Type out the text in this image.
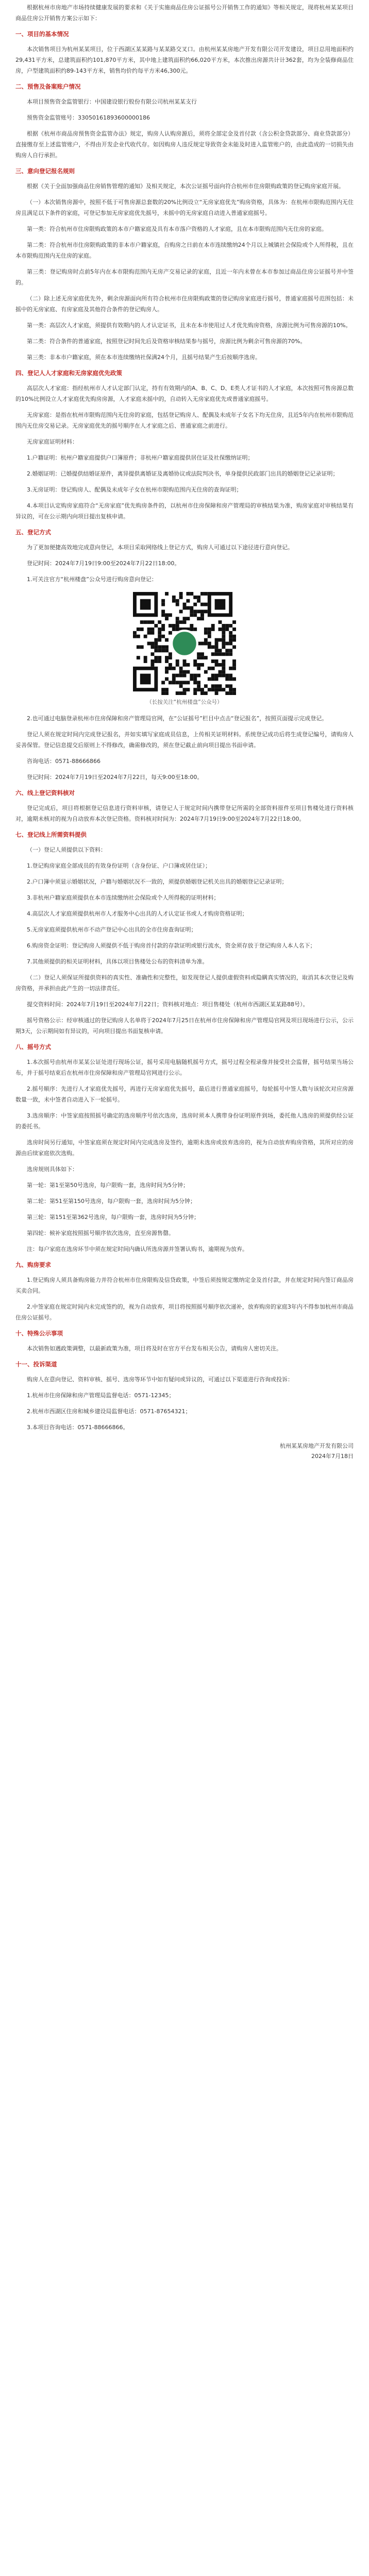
根据杭州市房地产市场持续健康发展的要求和《关于实施商品住房公证摇号公开销售工作的通知》等相关规定，现将杭州某某项目商品住房公开销售方案公示如下：

一、项目的基本情况

本次销售项目为杭州某某项目，位于西湖区某某路与某某路交叉口。由杭州某某房地产开发有限公司开发建设，项目总用地面积约29,431平方米，总建筑面积约101,870平方米，其中地上建筑面积约66,020平方米，本次推出房源共计计362套，均为全装修商品住房，户型建筑面积约89-143平方米，销售均价约每平方米46,300元。

二、预售及备案账户情况

本项目预售资金监管银行：中国建设银行股份有限公司杭州某某支行

预售资金监管账号：33050161893600000186

根据《杭州市商品房预售资金监管办法》规定，购房人认购房源后，须将全部定金及首付款（含公积金贷款部分、商业贷款部分）直接缴存至上述监管账户，不得由开发企业代收代存。如因购房人违反规定导致资金未能及时进入监管账户的，由此造成的一切损失由购房人自行承担。

三、意向登记报名规则

根据《关于全面加强商品住房销售管理的通知》及相关规定，本次公证摇号面向符合杭州市住房限购政策的登记购房家庭开展。

（一）本次销售房源中，按照不低于可售房源总套数的20%比例设立“无房家庭优先”购房资格，具体为：在杭州市限购范围内无住房且满足以下条件的家庭，可登记参加无房家庭优先摇号，未摇中的无房家庭自动进入普通家庭摇号。

第一类：符合杭州市住房限购政策的本市户籍家庭及具有本市落户资格的人才家庭，且在本市限购范围内无住房的家庭。

第二类：符合杭州市住房限购政策的非本市户籍家庭，自购房之日前在本市连续缴纳24个月以上城镇社会保险或个人所得税，且在本市限购范围内无住房的家庭。

第三类：登记购房时点前5年内在本市限购范围内无房产交易记录的家庭，且近一年内未曾在本市参加过商品住房公证摇号并中签的。

（二）除上述无房家庭优先外，剩余房源面向所有符合杭州市住房限购政策的登记购房家庭进行摇号，普通家庭摇号范围包括：未摇中的无房家庭、有房家庭及其他符合条件的登记购房人。

第一类：高层次人才家庭，须提供有效期内的人才认定证书，且未在本市使用过人才优先购房资格，房源比例为可售房源的10%。

第二类：符合条件的普通家庭，按照登记时间先后及资格审核结果参与摇号，房源比例为剩余可售房源的70%。

第三类：非本市户籍家庭，须在本市连续缴纳社保满24个月，且摇号结果产生后按顺序选房。

四、登记人人才家庭和无房家庭优先政策

高层次人才家庭：指经杭州市人才认定部门认定，持有有效期内的A、B、C、D、E类人才证书的人才家庭，本次按照可售房源总数的10%比例设立人才家庭优先购房房源，人才家庭未摇中的，自动转入无房家庭优先或普通家庭摇号。

无房家庭：是指在杭州市限购范围内无住房的家庭，包括登记购房人、配偶及未成年子女名下均无住房，且近5年内在杭州市限购范围内无住房交易记录。无房家庭优先的摇号顺序在人才家庭之后、普通家庭之前进行。

无房家庭证明材料：

1.户籍证明：杭州户籍家庭提供户口簿原件；非杭州户籍家庭提供居住证及社保缴纳证明；

2.婚姻证明：已婚提供结婚证原件，离异提供离婚证及离婚协议或法院判决书，单身提供民政部门出具的婚姻登记记录证明；

3.无房证明：登记购房人、配偶及未成年子女在杭州市限购范围内无住房的查询证明；

4.本项目认定购房家庭符合“无房家庭”优先购房条件的，以杭州市住房保障和房产管理局的审核结果为准，购房家庭对审核结果有异议的，可在公示期内向项目提出复核申请。

五、登记方式

为了更加便捷高效地完成意向登记，本项目采取网络线上登记方式，购房人可通过以下途径进行意向登记。

登记时间：2024年7月19日9:00至2024年7月22日18:00。

1.可关注官方“杭州楼盘”公众号进行购房意向登记：

（长按关注“杭州楼盘”公众号）

2.也可通过电脑登录杭州市住房保障和房产管理局官网，在“公证摇号”栏目中点击“登记报名”，按照页面提示完成登记。

登记人须在规定时间内完成登记报名，并如实填写家庭成员信息，上传相关证明材料。系统登记成功后将生成登记编号，请购房人妥善保管。登记信息提交后原则上不得修改，确需修改的，须在登记截止前向项目提出书面申请。

咨询电话：0571-88666866

登记时间：2024年7月19日至2024年7月22日，每天9:00至18:00。

六、线上登记资料核对

登记完成后，项目将根据登记信息进行资料审核，请登记人于规定时间内携带登记所需的全部资料原件至项目售楼处进行资料核对，逾期未核对的视为自动放弃本次登记资格。资料核对时间为：2024年7月19日9:00至2024年7月22日18:00。

七、登记线上所需资料提供

（一）登记人须提供以下资料：

1.登记购房家庭全部成员的有效身份证明（含身份证、户口簿或居住证）；

2.户口簿中须显示婚姻状况，户籍与婚姻状况不一致的，须提供婚姻登记机关出具的婚姻登记记录证明；

3.非杭州户籍家庭须提供在本市连续缴纳社会保险或个人所得税的证明材料；

4.高层次人才家庭须提供杭州市人才服务中心出具的人才认定证书或人才购房资格证明；

5.无房家庭须提供杭州市不动产登记中心出具的全市住房查询证明；

6.购房资金证明：登记购房人须提供不低于购房首付款的存款证明或银行流水，资金须存放于登记购房人本人名下；

7.其他须提供的相关证明材料，具体以项目售楼处公布的资料清单为准。

（二）登记人须保证所提供资料的真实性、准确性和完整性，如发现登记人提供虚假资料或隐瞒真实情况的，取消其本次登记及购房资格，并承担由此产生的一切法律责任。

提交资料时间：2024年7月19日至2024年7月22日；资料核对地点：项目售楼处（杭州市西湖区某某路88号）。

摇号资格公示：经审核通过的登记购房人名单将于2024年7月25日在杭州市住房保障和房产管理局官网及项目现场进行公示，公示期3天，公示期间如有异议的，可向项目提出书面复核申请。

八、摇号方式

1.本次摇号由杭州市某某公证处进行现场公证，摇号采用电脑随机摇号方式，摇号过程全程录像并接受社会监督，摇号结果当场公布，并于摇号结束后在杭州市住房保障和房产管理局官网进行公示。

2.摇号顺序：先进行人才家庭优先摇号，再进行无房家庭优先摇号，最后进行普通家庭摇号，每轮摇号中签人数与该轮次对应房源数量一致，未中签者自动进入下一轮摇号。

3.选房顺序：中签家庭按照摇号确定的选房顺序号依次选房，选房时须本人携带身份证明原件到场，委托他人选房的须提供经公证的委托书。

选房时间另行通知，中签家庭须在规定时间内完成选房及签约，逾期未选房或放弃选房的，视为自动放弃购房资格，其所对应的房源由后续家庭依次选购。

选房规则具体如下：

第一轮：第1至第50号选房，每户限购一套，选房时间为5分钟；

第二轮：第51至第150号选房，每户限购一套，选房时间为5分钟；

第三轮：第151至第362号选房，每户限购一套，选房时间为5分钟；

第四轮：候补家庭按照摇号顺序依次选房，直至房源售罄。

注：每户家庭在选房环节中须在规定时间内确认所选房源并签署认购书，逾期视为放弃。

九、购房要求

1.登记购房人须具备购房能力并符合杭州市住房限购及信贷政策，中签后须按规定缴纳定金及首付款，并在规定时间内签订商品房买卖合同。

2.中签家庭在规定时间内未完成签约的，视为自动放弃，项目将按照摇号顺序依次递补，放弃购房的家庭3年内不得参加杭州市商品住房公证摇号。

十、特殊公示事项

本次销售如遇政策调整，以最新政策为准，项目将及时在官方平台发布相关公告，请购房人密切关注。

十一、投诉渠道

购房人在意向登记、资料审核、摇号、选房等环节中如有疑问或异议的，可通过以下渠道进行咨询或投诉：

1.杭州市住房保障和房产管理局监督电话：0571-12345；

2.杭州市西湖区住房和城乡建设局监督电话：0571-87654321；

3.本项目咨询电话：0571-88666866。

杭州某某房地产开发有限公司
2024年7月18日
